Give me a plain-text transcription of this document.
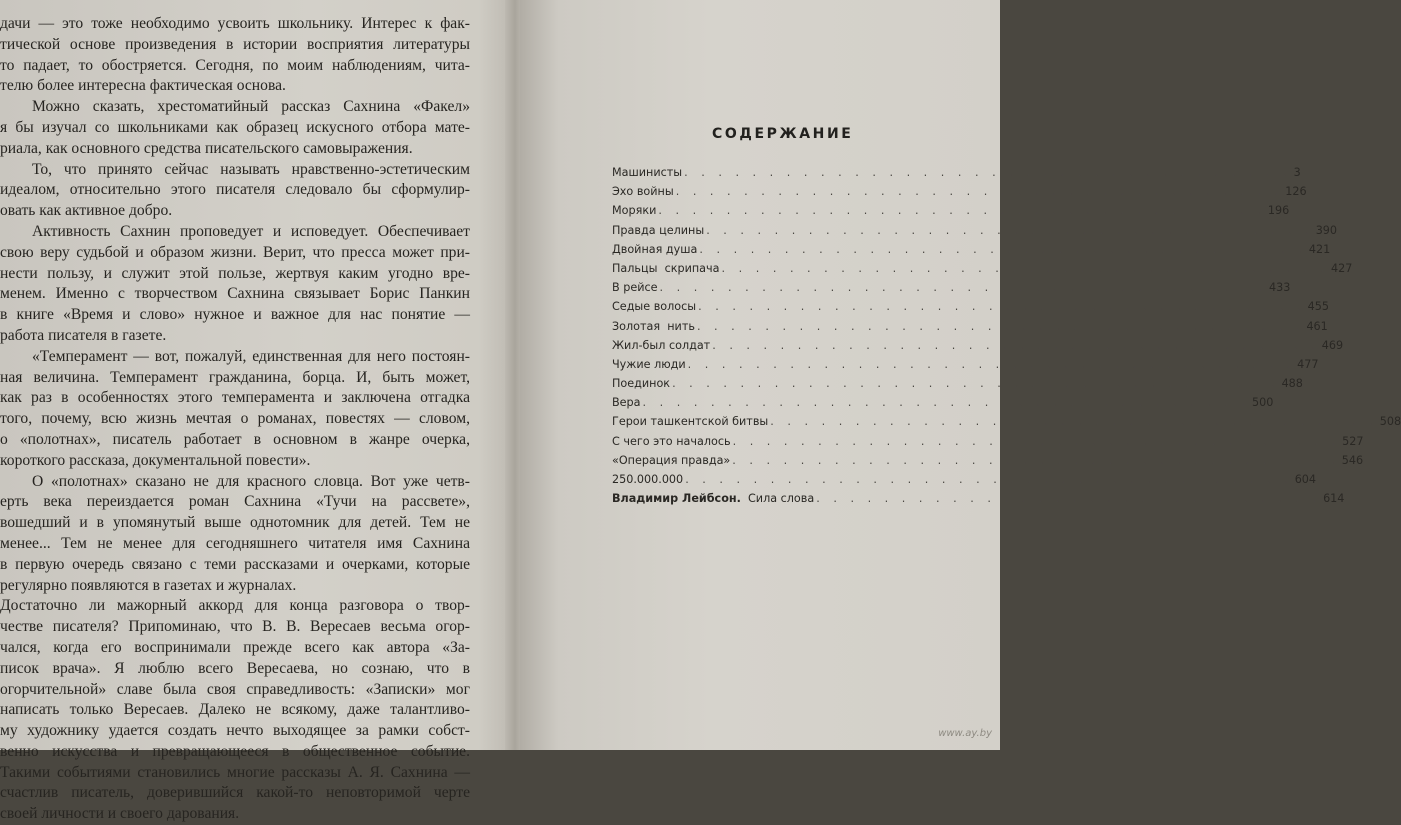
дачи — это тоже необходимо усвоить школьнику. Интерес к фак-
тической основе произведения в истории восприятия литературы
то падает, то обостряется. Сегодня, по моим наблюдениям, чита-
телю более интересна фактическая основа.
Можно сказать, хрестоматийный рассказ Сахнина «Факел»
я бы изучал со школьниками как образец искусного отбора мате-
риала, как основного средства писательского самовыражения.
То, что принято сейчас называть нравственно-эстетическим
идеалом, относительно этого писателя следовало бы сформулир-
овать как активное добро.
Активность Сахнин проповедует и исповедует. Обеспечивает
свою веру судьбой и образом жизни. Верит, что пресса может при-
нести пользу, и служит этой пользе, жертвуя каким угодно вре-
менем. Именно с творчеством Сахнина связывает Борис Панкин
в книге «Время и слово» нужное и важное для нас понятие —
работа писателя в газете.
«Темперамент — вот, пожалуй, единственная для него постоян-
ная величина. Темперамент гражданина, борца. И, быть может,
как раз в особенностях этого темперамента и заключена отгадка
того, почему, всю жизнь мечтая о романах, повестях — словом,
о «полотнах», писатель работает в основном в жанре очерка,
короткого рассказа, документальной повести».
О «полотнах» сказано не для красного словца. Вот уже четв-
ерть века переиздается роман Сахнина «Тучи на рассвете»,
вошедший и в упомянутый выше однотомник для детей. Тем не
менее... Тем не менее для сегодняшнего читателя имя Сахнина
в первую очередь связано с теми рассказами и очерками, которые
регулярно появляются в газетах и журналах.
Достаточно ли мажорный аккорд для конца разговора о твор-
честве писателя? Припоминаю, что В. В. Вересаев весьма огор-
чался, когда его воспринимали прежде всего как автора «За-
писок врача». Я люблю всего Вересаева, но сознаю, что в
огорчительной» славе была своя справедливость: «Записки» мог
написать только Вересаев. Далеко не всякому, даже талантливо-
му художнику удается создать нечто выходящее за рамки собст-
венно искусства и превращающееся в общественное событие.
Такими событиями становились многие рассказы А. Я. Сахнина —
счастлив писатель, доверившийся какой-то неповторимой черте
своей личности и своего дарования.
СОДЕРЖАНИЕ
Машинисты . . . . . . . . . . . . . . . . . . . . . . . . . . . . . . . . . . . . 3
Эхо войны . . . . . . . . . . . . . . . . . . . . . . . . . . . . . . . . . . . . 126
Моряки . . . . . . . . . . . . . . . . . . . . . . . . . . . . . . . . . . . . 196
Правда целины . . . . . . . . . . . . . . . . . . . . . . . . . . . . . . . . . . . . 390
Двойная душа . . . . . . . . . . . . . . . . . . . . . . . . . . . . . . . . . . . . 421
Пальцы  скрипача . . . . . . . . . . . . . . . . . . . . . . . . . . . . . . . . . . . . 427
В рейсе . . . . . . . . . . . . . . . . . . . . . . . . . . . . . . . . . . . . 433
Седые волосы . . . . . . . . . . . . . . . . . . . . . . . . . . . . . . . . . . . . 455
Золотая  нить . . . . . . . . . . . . . . . . . . . . . . . . . . . . . . . . . . . . 461
Жил-был солдат . . . . . . . . . . . . . . . . . . . . . . . . . . . . . . . . . . . . 469
Чужие люди . . . . . . . . . . . . . . . . . . . . . . . . . . . . . . . . . . . . 477
Поединок . . . . . . . . . . . . . . . . . . . . . . . . . . . . . . . . . . . . 488
Вера . . . . . . . . . . . . . . . . . . . . . . . . . . . . . . . . . . . . 500
Герои ташкентской битвы . . . . . . . . . . . . . . . . . . . . . . . . . . . . . . . . . . . . 508
С чего это началось . . . . . . . . . . . . . . . . . . . . . . . . . . . . . . . . . . . . 527
«Операция правда» . . . . . . . . . . . . . . . . . . . . . . . . . . . . . . . . . . . . 546
250.000.000 . . . . . . . . . . . . . . . . . . . . . . . . . . . . . . . . . . . . 604
Владимир Лейбсон. Сила слова . . . . . . . . . . . . . . . . . . . . . . . . . . . . . . 614
www.ay.by
